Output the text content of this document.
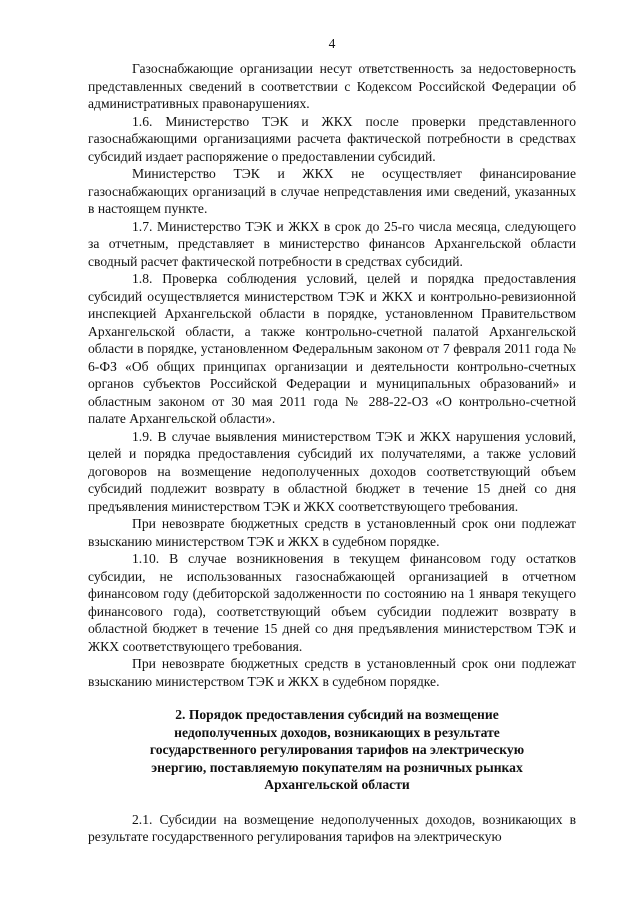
4

Газоснабжающие организации несут ответственность за недостоверность представленных сведений в соответствии с Кодексом Российской Федерации об административных правонарушениях.

1.6. Министерство ТЭК и ЖКХ после проверки представленного газоснабжающими организациями расчета фактической потребности в средствах субсидий издает распоряжение о предоставлении субсидий.

Министерство ТЭК и ЖКХ не осуществляет финансирование газоснабжающих организаций в случае непредставления ими сведений, указанных в настоящем пункте.

1.7. Министерство ТЭК и ЖКХ в срок до 25-го числа месяца, следующего за отчетным, представляет в министерство финансов Архангельской области сводный расчет фактической потребности в средствах субсидий.

1.8. Проверка соблюдения условий, целей и порядка предоставления субсидий осуществляется министерством ТЭК и ЖКХ и контрольно-ревизионной инспекцией Архангельской области в порядке, установленном Правительством Архангельской области, а также контрольно-счетной палатой Архангельской области в порядке, установленном Федеральным законом от 7 февраля 2011 года № 6-ФЗ «Об общих принципах организации и деятельности контрольно-счетных органов субъектов Российской Федерации и муниципальных образований» и областным законом от 30 мая 2011 года № 288-22-ОЗ «О контрольно-счетной палате Архангельской области».

1.9. В случае выявления министерством ТЭК и ЖКХ нарушения условий, целей и порядка предоставления субсидий их получателями, а также условий договоров на возмещение недополученных доходов соответствующий объем субсидий подлежит возврату в областной бюджет в течение 15 дней со дня предъявления министерством ТЭК и ЖКХ соответствующего требования.

При невозврате бюджетных средств в установленный срок они подлежат взысканию министерством ТЭК и ЖКХ в судебном порядке.

1.10. В случае возникновения в текущем финансовом году остатков субсидии, не использованных газоснабжающей организацией в отчетном финансовом году (дебиторской задолженности по состоянию на 1 января текущего финансового года), соответствующий объем субсидии подлежит возврату в областной бюджет в течение 15 дней со дня предъявления министерством ТЭК и ЖКХ соответствующего требования.

При невозврате бюджетных средств в установленный срок они подлежат взысканию министерством ТЭК и ЖКХ в судебном порядке.

2. Порядок предоставления субсидий на возмещение недополученных доходов, возникающих в результате государственного регулирования тарифов на электрическую энергию, поставляемую покупателям на розничных рынках Архангельской области

2.1. Субсидии на возмещение недополученных доходов, возникающих в результате государственного регулирования тарифов на электрическую
